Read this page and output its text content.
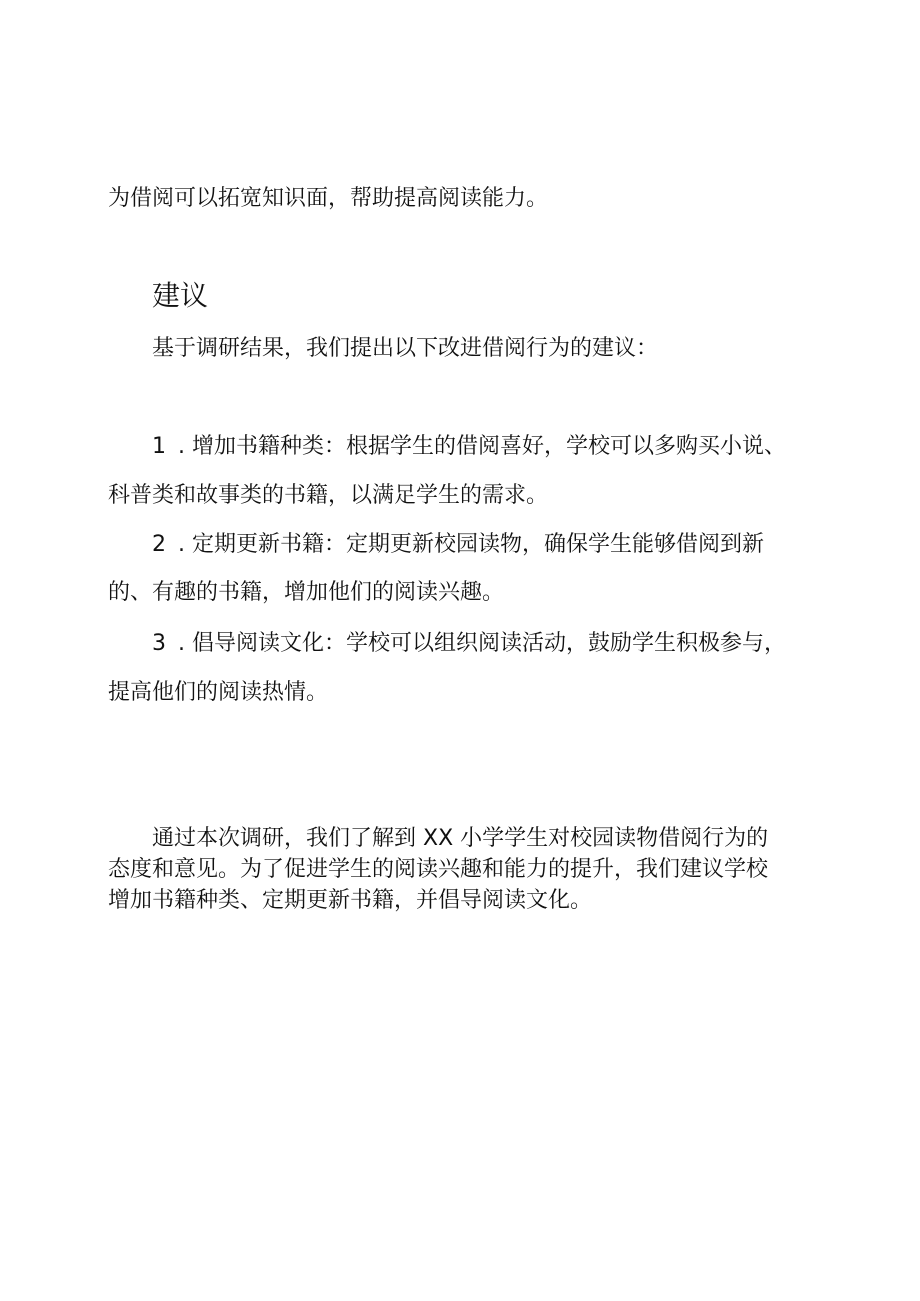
为借阅可以拓宽知识面，帮助提高阅读能力。
建议
基于调研结果，我们提出以下改进借阅行为的建议：
1 . 增加书籍种类：根据学生的借阅喜好，学校可以多购买小说、
科普类和故事类的书籍，以满足学生的需求。
2 . 定期更新书籍：定期更新校园读物，确保学生能够借阅到新
的、有趣的书籍，增加他们的阅读兴趣。
3 . 倡导阅读文化：学校可以组织阅读活动，鼓励学生积极参与，
提高他们的阅读热情。
通过本次调研，我们了解到 XX 小学学生对校园读物借阅行为的
态度和意见。为了促进学生的阅读兴趣和能力的提升，我们建议学校
增加书籍种类、定期更新书籍，并倡导阅读文化。
